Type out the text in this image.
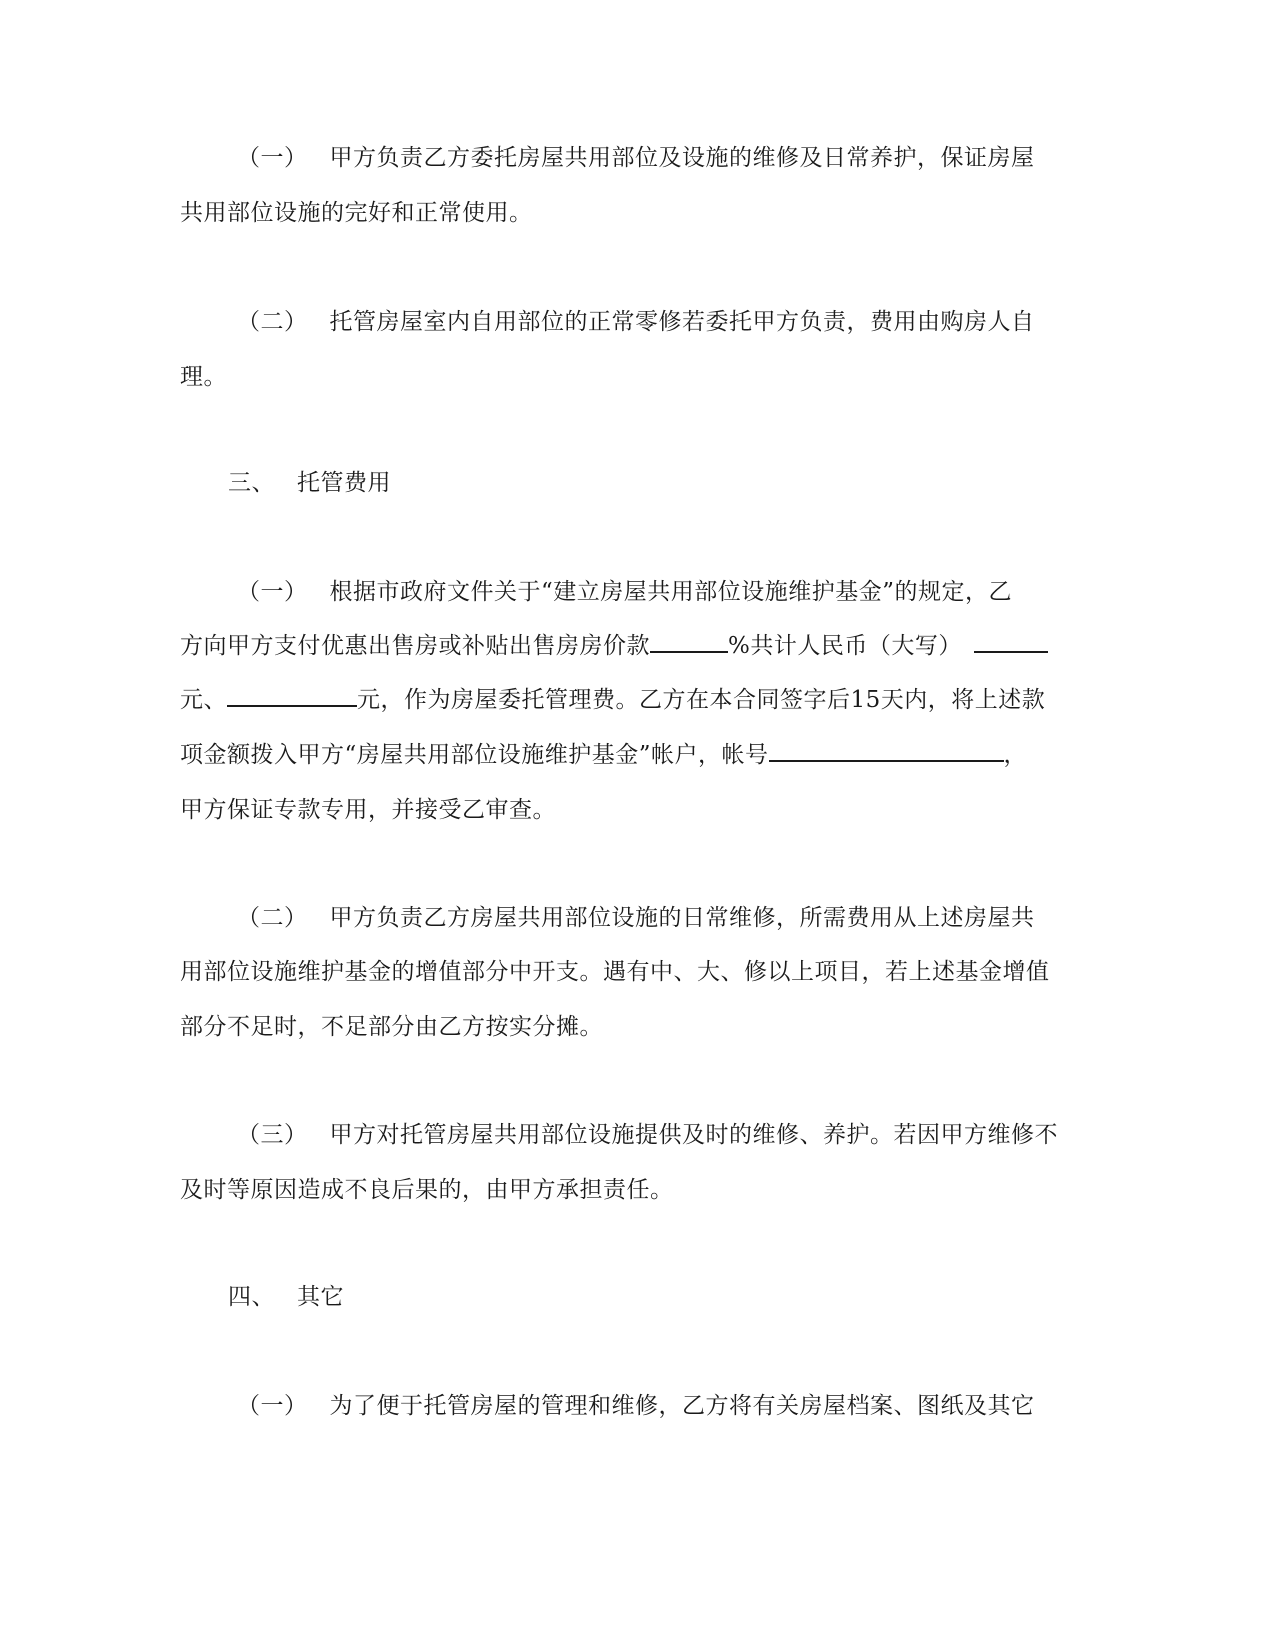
（一） 甲方负责乙方委托房屋共用部位及设施的维修及日常养护，保证房屋
共用部位设施的完好和正常使用。
（二） 托管房屋室内自用部位的正常零修若委托甲方负责，费用由购房人自
理。
三、 托管费用
（一） 根据市政府文件关于“建立房屋共用部位设施维护基金”的规定，乙
方向甲方支付优惠出售房或补贴出售房房价款	%共计人民币（大写）
元、	元，作为房屋委托管理费。乙方在本合同签字后15天内，将上述款
项金额拨入甲方“房屋共用部位设施维护基金”帐户，帐号	，
甲方保证专款专用，并接受乙审查。
（二） 甲方负责乙方房屋共用部位设施的日常维修，所需费用从上述房屋共
用部位设施维护基金的增值部分中开支。遇有中、大、修以上项目，若上述基金增值
部分不足时，不足部分由乙方按实分摊。
（三） 甲方对托管房屋共用部位设施提供及时的维修、养护。若因甲方维修不
及时等原因造成不良后果的，由甲方承担责任。
四、 其它
（一） 为了便于托管房屋的管理和维修，乙方将有关房屋档案、图纸及其它
